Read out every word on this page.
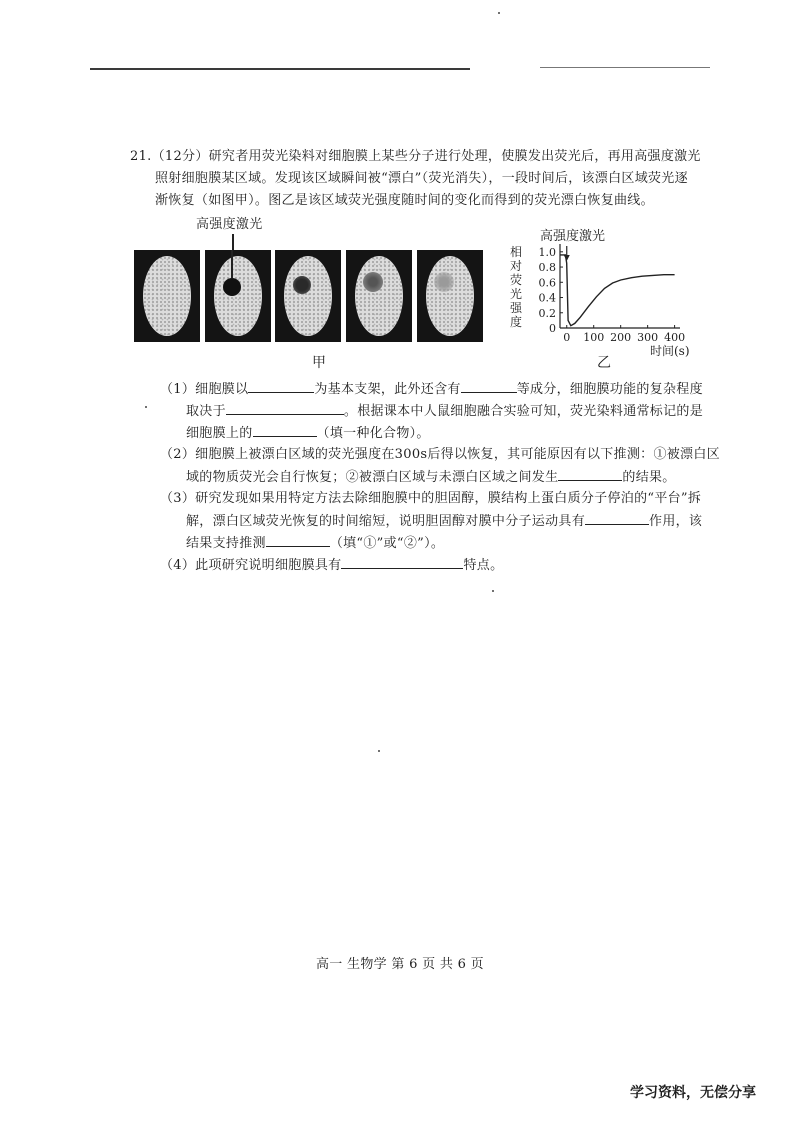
21.（12分）研究者用荧光染料对细胞膜上某些分子进行处理，使膜发出荧光后，再用高强度激光
照射细胞膜某区域。发现该区域瞬间被“漂白”（荧光消失），一段时间后，该漂白区域荧光逐
渐恢复（如图甲）。图乙是该区域荧光强度随时间的变化而得到的荧光漂白恢复曲线。
高强度激光
甲
高强度激光
相
对
荧
光
强
度 0
0.2
0.4
0.6
0.8
1.0
0 100 200 300 400
时间(s)
乙
（1）细胞膜以	为基本支架，此外还含有	等成分，细胞膜功能的复杂程度
取决于	。根据课本中人鼠细胞融合实验可知，荧光染料通常标记的是
细胞膜上的	（填一种化合物）。
（2）细胞膜上被漂白区域的荧光强度在300s后得以恢复，其可能原因有以下推测：①被漂白区
域的物质荧光会自行恢复；②被漂白区域与未漂白区域之间发生	的结果。
（3）研究发现如果用特定方法去除细胞膜中的胆固醇，膜结构上蛋白质分子停泊的“平台”拆
解，漂白区域荧光恢复的时间缩短，说明胆固醇对膜中分子运动具有	作用，该
结果支持推测	（填“①”或“②”）。
（4）此项研究说明细胞膜具有	特点。
高一 生物学 第 6 页 共 6 页
学习资料，无偿分享
